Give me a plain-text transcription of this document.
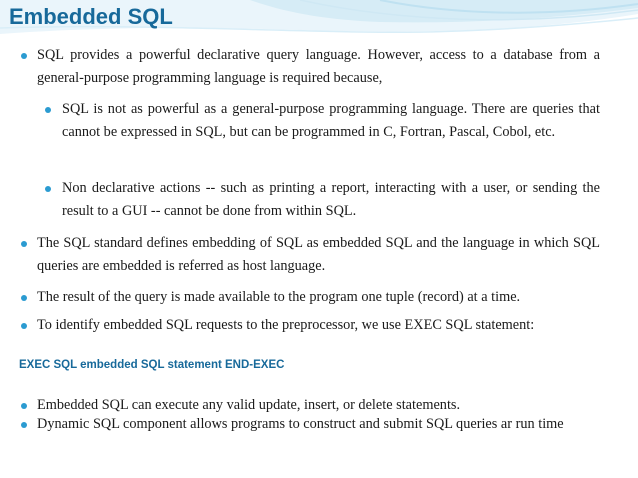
Embedded SQL
SQL provides a powerful declarative query language. However, access to a database from a general-purpose programming language is required because,
SQL is not as powerful as a general-purpose programming language. There are queries that cannot be expressed in SQL, but can be programmed in C, Fortran, Pascal, Cobol, etc.
Non declarative actions -- such as printing a report, interacting with a user, or sending the result to a GUI -- cannot be done from within SQL.
The SQL standard defines embedding of SQL as embedded SQL and the language in which SQL queries are embedded is referred as host language.
The result of the query is made available to the program one tuple (record) at a time.
To identify embedded SQL requests to the preprocessor, we use EXEC SQL statement:
EXEC SQL embedded SQL statement END-EXEC
Embedded SQL can execute any valid update, insert, or delete statements.
Dynamic SQL component allows programs to construct and submit SQL queries ar run time
